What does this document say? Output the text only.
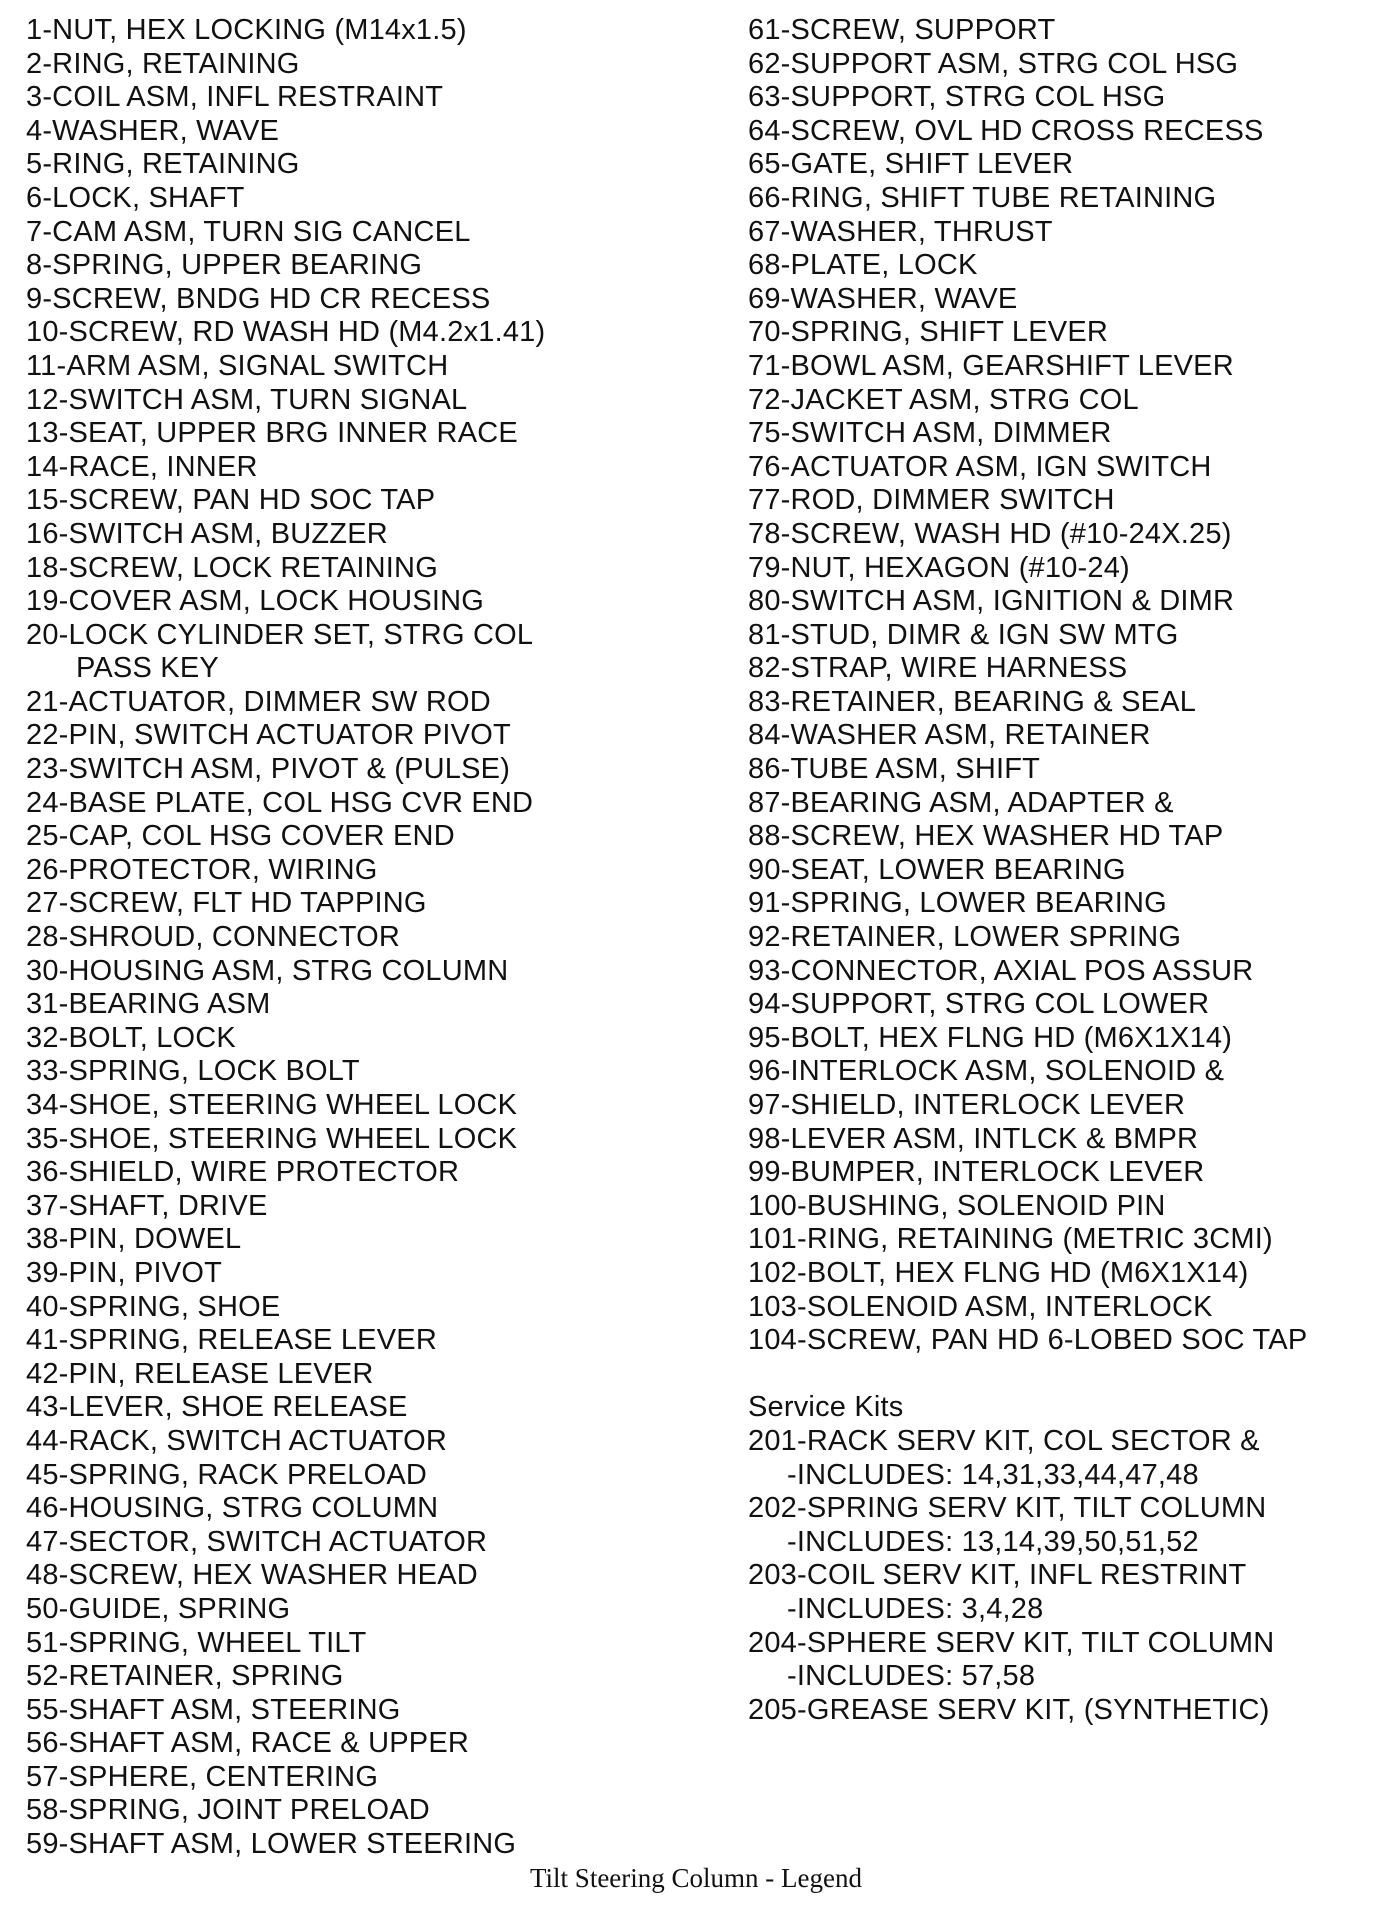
1-NUT, HEX LOCKING (M14x1.5)
2-RING, RETAINING
3-COIL ASM, INFL RESTRAINT
4-WASHER, WAVE
5-RING, RETAINING
6-LOCK, SHAFT
7-CAM ASM, TURN SIG CANCEL
8-SPRING, UPPER BEARING
9-SCREW, BNDG HD CR RECESS
10-SCREW, RD WASH HD (M4.2x1.41)
11-ARM ASM, SIGNAL SWITCH
12-SWITCH ASM, TURN SIGNAL
13-SEAT, UPPER BRG INNER RACE
14-RACE, INNER
15-SCREW, PAN HD SOC TAP
16-SWITCH ASM, BUZZER
18-SCREW, LOCK RETAINING
19-COVER ASM, LOCK HOUSING
20-LOCK CYLINDER SET, STRG COL
PASS KEY
21-ACTUATOR, DIMMER SW ROD
22-PIN, SWITCH ACTUATOR PIVOT
23-SWITCH ASM, PIVOT & (PULSE)
24-BASE PLATE, COL HSG CVR END
25-CAP, COL HSG COVER END
26-PROTECTOR, WIRING
27-SCREW, FLT HD TAPPING
28-SHROUD, CONNECTOR
30-HOUSING ASM, STRG COLUMN
31-BEARING ASM
32-BOLT, LOCK
33-SPRING, LOCK BOLT
34-SHOE, STEERING WHEEL LOCK
35-SHOE, STEERING WHEEL LOCK
36-SHIELD, WIRE PROTECTOR
37-SHAFT, DRIVE
38-PIN, DOWEL
39-PIN, PIVOT
40-SPRING, SHOE
41-SPRING, RELEASE LEVER
42-PIN, RELEASE LEVER
43-LEVER, SHOE RELEASE
44-RACK, SWITCH ACTUATOR
45-SPRING, RACK PRELOAD
46-HOUSING, STRG COLUMN
47-SECTOR, SWITCH ACTUATOR
48-SCREW, HEX WASHER HEAD
50-GUIDE, SPRING
51-SPRING, WHEEL TILT
52-RETAINER, SPRING
55-SHAFT ASM, STEERING
56-SHAFT ASM, RACE & UPPER
57-SPHERE, CENTERING
58-SPRING, JOINT PRELOAD
59-SHAFT ASM, LOWER STEERING
61-SCREW, SUPPORT
62-SUPPORT ASM, STRG COL HSG
63-SUPPORT, STRG COL HSG
64-SCREW, OVL HD CROSS RECESS
65-GATE, SHIFT LEVER
66-RING, SHIFT TUBE RETAINING
67-WASHER, THRUST
68-PLATE, LOCK
69-WASHER, WAVE
70-SPRING, SHIFT LEVER
71-BOWL ASM, GEARSHIFT LEVER
72-JACKET ASM, STRG COL
75-SWITCH ASM, DIMMER
76-ACTUATOR ASM, IGN SWITCH
77-ROD, DIMMER SWITCH
78-SCREW, WASH HD (#10-24X.25)
79-NUT, HEXAGON (#10-24)
80-SWITCH ASM, IGNITION & DIMR
81-STUD, DIMR & IGN SW MTG
82-STRAP, WIRE HARNESS
83-RETAINER, BEARING & SEAL
84-WASHER ASM, RETAINER
86-TUBE ASM, SHIFT
87-BEARING ASM, ADAPTER &
88-SCREW, HEX WASHER HD TAP
90-SEAT, LOWER BEARING
91-SPRING, LOWER BEARING
92-RETAINER, LOWER SPRING
93-CONNECTOR, AXIAL POS ASSUR
94-SUPPORT, STRG COL LOWER
95-BOLT, HEX FLNG HD (M6X1X14)
96-INTERLOCK ASM, SOLENOID &
97-SHIELD, INTERLOCK LEVER
98-LEVER ASM, INTLCK & BMPR
99-BUMPER, INTERLOCK LEVER
100-BUSHING, SOLENOID PIN
101-RING, RETAINING (METRIC 3CMI)
102-BOLT, HEX FLNG HD (M6X1X14)
103-SOLENOID ASM, INTERLOCK
104-SCREW, PAN HD 6-LOBED SOC TAP
Service Kits
201-RACK SERV KIT, COL SECTOR &
-INCLUDES: 14,31,33,44,47,48
202-SPRING SERV KIT, TILT COLUMN
-INCLUDES: 13,14,39,50,51,52
203-COIL SERV KIT, INFL RESTRINT
-INCLUDES: 3,4,28
204-SPHERE SERV KIT, TILT COLUMN
-INCLUDES: 57,58
205-GREASE SERV KIT, (SYNTHETIC)
Tilt Steering Column - Legend
